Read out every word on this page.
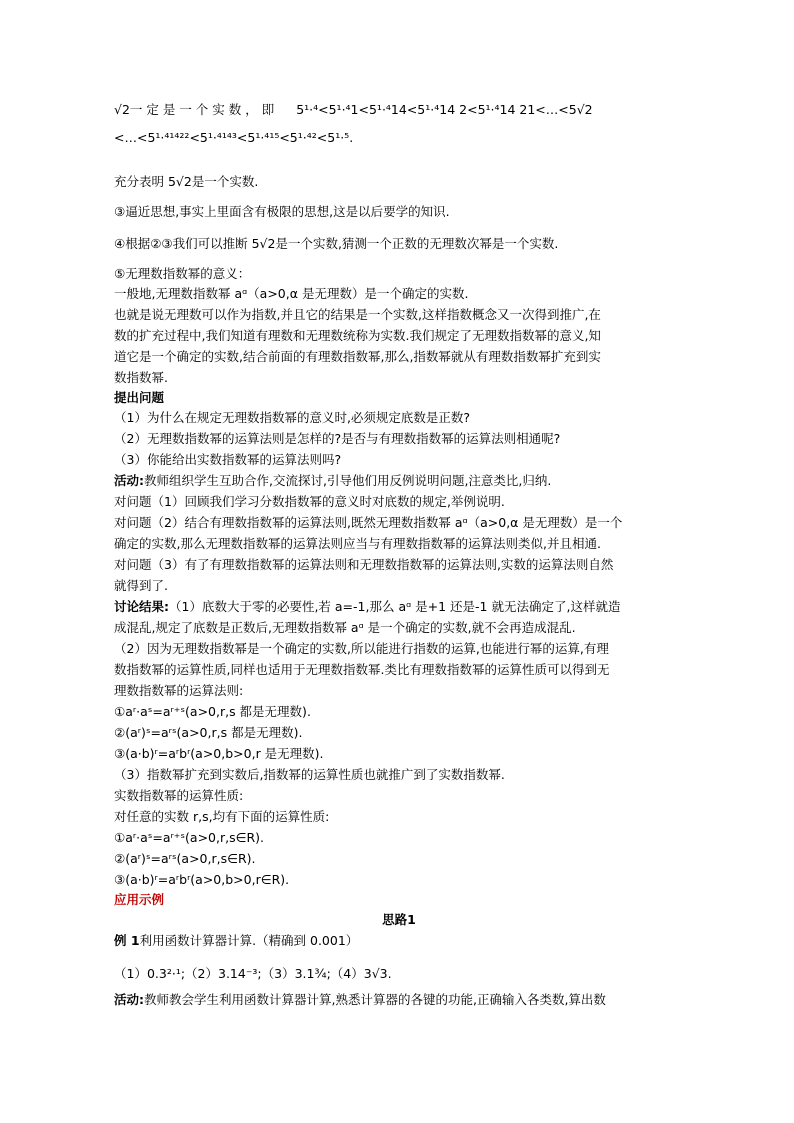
√2一 定 是 一 个 实 数 ， 即 5¹·⁴<5¹·⁴1<5¹·⁴14<5¹·⁴14 2<5¹·⁴14 21<…<5√2
<…<5¹·⁴¹⁴²²<5¹·⁴¹⁴³<5¹·⁴¹⁵<5¹·⁴²<5¹·⁵.
充分表明 5√2是一个实数.
③逼近思想,事实上里面含有极限的思想,这是以后要学的知识.
④根据②③我们可以推断 5√2是一个实数,猜测一个正数的无理数次幂是一个实数.
⑤无理数指数幂的意义：
一般地,无理数指数幂 aᵅ（a>0,α 是无理数）是一个确定的实数.
也就是说无理数可以作为指数,并且它的结果是一个实数,这样指数概念又一次得到推广,在
数的扩充过程中,我们知道有理数和无理数统称为实数.我们规定了无理数指数幂的意义,知
道它是一个确定的实数,结合前面的有理数指数幂,那么,指数幂就从有理数指数幂扩充到实
数指数幂.
提出问题
（1）为什么在规定无理数指数幂的意义时,必须规定底数是正数?
（2）无理数指数幂的运算法则是怎样的?是否与有理数指数幂的运算法则相通呢?
（3）你能给出实数指数幂的运算法则吗?
活动:教师组织学生互助合作,交流探讨,引导他们用反例说明问题,注意类比,归纳.
对问题（1）回顾我们学习分数指数幂的意义时对底数的规定,举例说明.
对问题（2）结合有理数指数幂的运算法则,既然无理数指数幂 aᵅ（a>0,α 是无理数）是一个
确定的实数,那么无理数指数幂的运算法则应当与有理数指数幂的运算法则类似,并且相通.
对问题（3）有了有理数指数幂的运算法则和无理数指数幂的运算法则,实数的运算法则自然
就得到了.
讨论结果:（1）底数大于零的必要性,若 a=-1,那么 aᵅ 是+1 还是-1 就无法确定了,这样就造
成混乱,规定了底数是正数后,无理数指数幂 aᵅ 是一个确定的实数,就不会再造成混乱.
（2）因为无理数指数幂是一个确定的实数,所以能进行指数的运算,也能进行幂的运算,有理
数指数幂的运算性质,同样也适用于无理数指数幂.类比有理数指数幂的运算性质可以得到无
理数指数幂的运算法则:
①aʳ·aˢ=aʳ⁺ˢ(a>0,r,s 都是无理数).
②(aʳ)ˢ=aʳˢ(a>0,r,s 都是无理数).
③(a·b)ʳ=aʳbʳ(a>0,b>0,r 是无理数).
（3）指数幂扩充到实数后,指数幂的运算性质也就推广到了实数指数幂.
实数指数幂的运算性质:
对任意的实数 r,s,均有下面的运算性质:
①aʳ·aˢ=aʳ⁺ˢ(a>0,r,s∈R).
②(aʳ)ˢ=aʳˢ(a>0,r,s∈R).
③(a·b)ʳ=aʳbʳ(a>0,b>0,r∈R).
应用示例
思路1
例 1利用函数计算器计算.（精确到 0.001）
（1）0.3²·¹;（2）3.14⁻³;（3）3.1¾;（4）3√3.
活动:教师教会学生利用函数计算器计算,熟悉计算器的各键的功能,正确输入各类数,算出数
